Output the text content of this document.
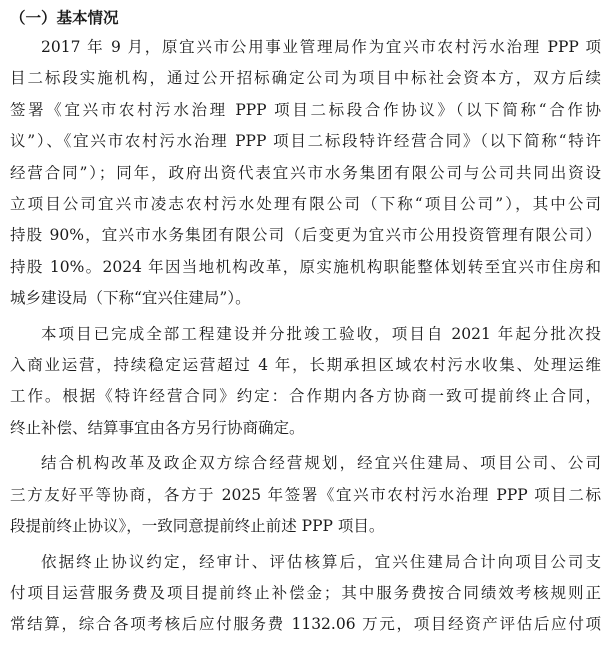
（一）基本情况

2017 年 9 月，原宜兴市公用事业管理局作为宜兴市农村污水治理 PPP 项
目二标段实施机构，通过公开招标确定公司为项目中标社会资本方，双方后续
签署《宜兴市农村污水治理 PPP 项目二标段合作协议》（以下简称“合作协
议”）、《宜兴市农村污水治理 PPP 项目二标段特许经营合同》（以下简称“特许
经营合同”）；同年，政府出资代表宜兴市水务集团有限公司与公司共同出资设
立项目公司宜兴市凌志农村污水处理有限公司（下称“项目公司”），其中公司
持股 90%，宜兴市水务集团有限公司（后变更为宜兴市公用投资管理有限公司）
持股 10%。2024 年因当地机构改革，原实施机构职能整体划转至宜兴市住房和
城乡建设局（下称“宜兴住建局”）。

本项目已完成全部工程建设并分批竣工验收，项目自 2021 年起分批次投
入商业运营，持续稳定运营超过 4 年，长期承担区域农村污水收集、处理运维
工作。根据《特许经营合同》约定：合作期内各方协商一致可提前终止合同，
终止补偿、结算事宜由各方另行协商确定。

结合机构改革及政企双方综合经营规划，经宜兴住建局、项目公司、公司
三方友好平等协商，各方于 2025 年签署《宜兴市农村污水治理 PPP 项目二标
段提前终止协议》，一致同意提前终止前述 PPP 项目。

依据终止协议约定，经审计、评估核算后，宜兴住建局合计向项目公司支
付项目运营服务费及项目提前终止补偿金；其中服务费按合同绩效考核规则正
常结算，综合各项考核后应付服务费 1132.06 万元，项目经资产评估后应付项
